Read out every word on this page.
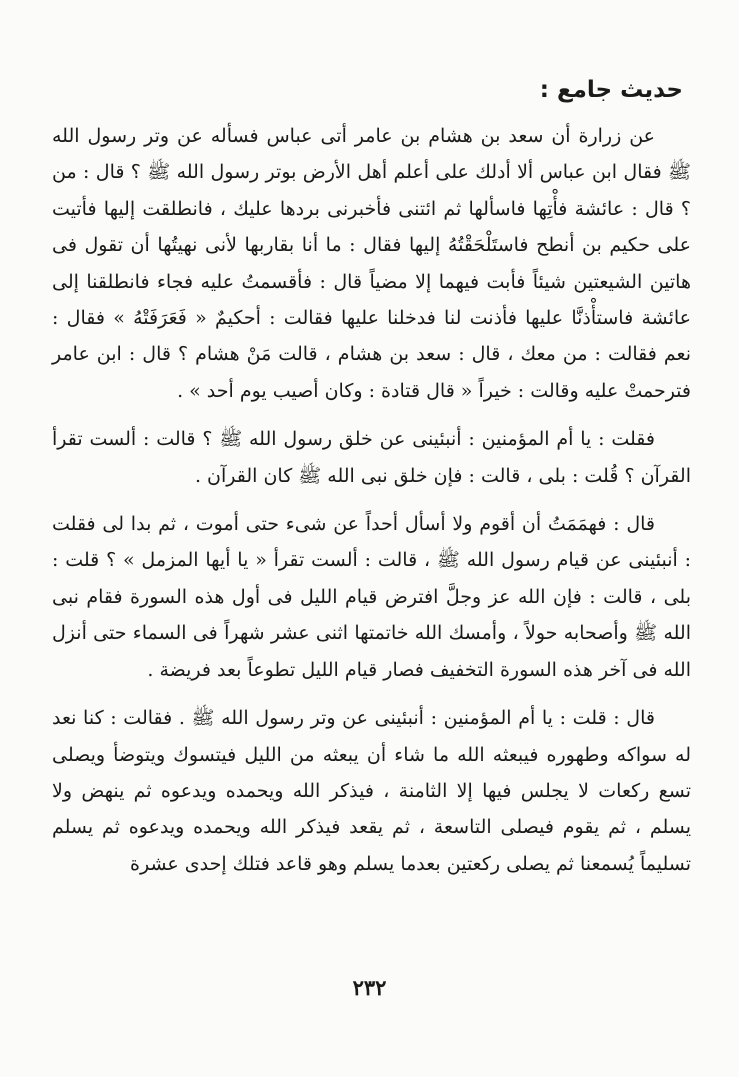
حديث جامع :

عن زرارة أن سعد بن هشام بن عامر أتى عباس فسأله عن وتر رسول الله ﷺ فقال ابن عباس ألا أدلك على أعلم أهل الأرض بوتر رسول الله ﷺ ؟ قال : من ؟ قال : عائشة فأْتِها فاسألها ثم ائتنى فأخبرنى بردها عليك ، فانطلقت إليها فأتيت على حكيم بن أنطح فاستَلْحَقْتُهُ إليها فقال : ما أنا بقاربها لأنى نهيتُها أن تقول فى هاتين الشيعتين شيئاً فأبت فيهما إلا مضياً قال : فأقسمتُ عليه فجاء فانطلقنا إلى عائشة فاستأْذنَّا عليها فأذنت لنا فدخلنا عليها فقالت : أحكيمٌ « فَعَرَفَتْهُ » فقال : نعم فقالت : من معك ، قال : سعد بن هشام ، قالت مَنْ هشام ؟ قال : ابن عامر فترحمتْ عليه وقالت : خيراً « قال قتادة : وكان أصيب يوم أحد » .

فقلت : يا أم المؤمنين : أنبئينى عن خلق رسول الله ﷺ ؟ قالت : ألست تقرأ القرآن ؟ قُلت : بلى ، قالت : فإن خلق نبى الله ﷺ كان القرآن .

قال : فهمَمَتُ أن أقوم ولا أسأل أحداً عن شىء حتى أموت ، ثم بدا لى فقلت : أنبئينى عن قيام رسول الله ﷺ ، قالت : ألست تقرأ « يا أيها المزمل » ؟ قلت : بلى ، قالت : فإن الله عز وجلَّ افترض قيام الليل فى أول هذه السورة فقام نبى الله ﷺ وأصحابه حولاً ، وأمسك الله خاتمتها اثنى عشر شهراً فى السماء حتى أنزل الله فى آخر هذه السورة التخفيف فصار قيام الليل تطوعاً بعد فريضة .

قال : قلت : يا أم المؤمنين : أنبئينى عن وتر رسول الله ﷺ . فقالت : كنا نعد له سواكه وطهوره فيبعثه الله ما شاء أن يبعثه من الليل فيتسوك ويتوضأ ويصلى تسع ركعات لا يجلس فيها إلا الثامنة ، فيذكر الله ويحمده ويدعوه ثم ينهض ولا يسلم ، ثم يقوم فيصلى التاسعة ، ثم يقعد فيذكر الله ويحمده ويدعوه ثم يسلم تسليماً يُسمعنا ثم يصلى ركعتين بعدما يسلم وهو قاعد فتلك إحدى عشرة

٢٣٢
